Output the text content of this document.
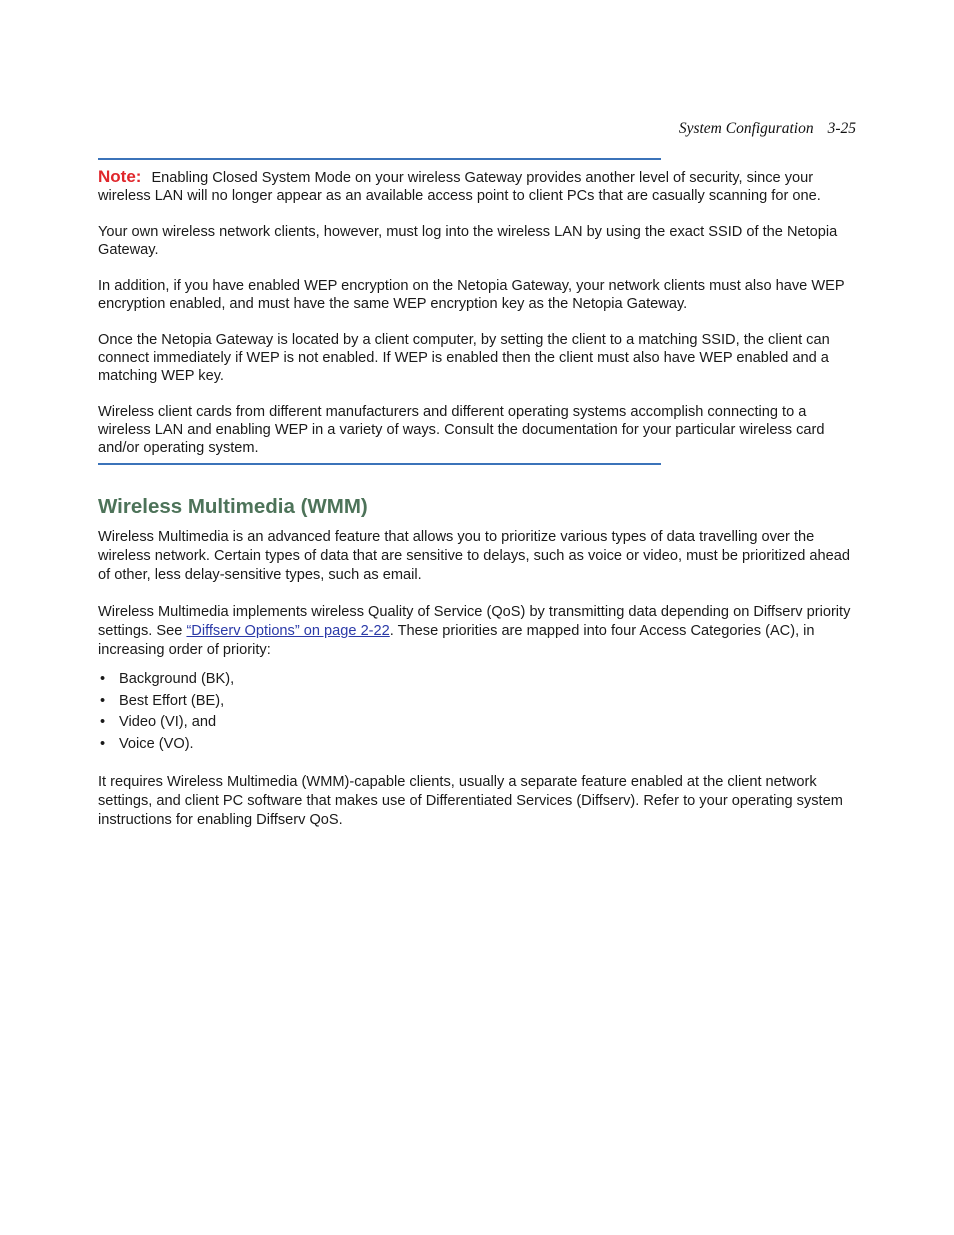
System Configuration 3-25

Note: Enabling Closed System Mode on your wireless Gateway provides another level of security, since your wireless LAN will no longer appear as an available access point to client PCs that are casually scanning for one.

Your own wireless network clients, however, must log into the wireless LAN by using the exact SSID of the Netopia Gateway.

In addition, if you have enabled WEP encryption on the Netopia Gateway, your network clients must also have WEP encryption enabled, and must have the same WEP encryption key as the Netopia Gateway.

Once the Netopia Gateway is located by a client computer, by setting the client to a matching SSID, the client can connect immediately if WEP is not enabled. If WEP is enabled then the client must also have WEP enabled and a matching WEP key.

Wireless client cards from different manufacturers and different operating systems accomplish connecting to a wireless LAN and enabling WEP in a variety of ways. Consult the documentation for your particular wireless card and/or operating system.

Wireless Multimedia (WMM)

Wireless Multimedia is an advanced feature that allows you to prioritize various types of data travelling over the wireless network. Certain types of data that are sensitive to delays, such as voice or video, must be prioritized ahead of other, less delay-sensitive types, such as email.

Wireless Multimedia implements wireless Quality of Service (QoS) by transmitting data depending on Diffserv priority settings. See “Diffserv Options” on page 2-22. These priorities are mapped into four Access Categories (AC), in increasing order of priority:

• Background (BK),
• Best Effort (BE),
• Video (VI), and
• Voice (VO).

It requires Wireless Multimedia (WMM)-capable clients, usually a separate feature enabled at the client network settings, and client PC software that makes use of Differentiated Services (Diffserv). Refer to your operating system instructions for enabling Diffserv QoS.
